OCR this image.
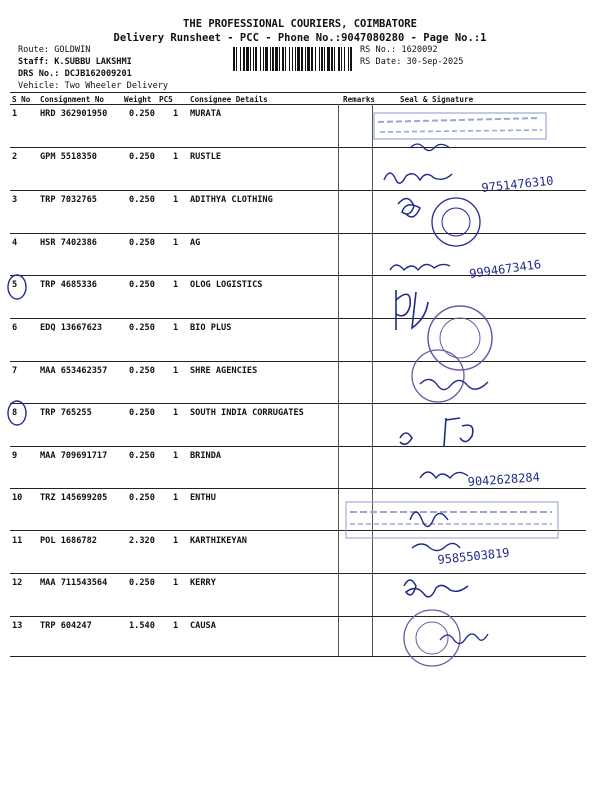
THE PROFESSIONAL COURIERS, COIMBATORE
Delivery Runsheet - PCC - Phone No.:9047080280 - Page No.:1
Route: GOLDWIN
Staff: K.SUBBU LAKSHMI
DRS No.: DCJB162009201
Vehicle: Two Wheeler Delivery
RS No.: 1620092
RS Date: 30-Sep-2025
S No Consignment No	Weight PCS Consignee Details	Remarks	Seal & Signature
1	HRD 362901950	0.250 1 MURATA
2	GPM 5518350	0.250 1 RUSTLE
3	TRP 7032765	0.250 1 ADITHYA CLOTHING
4	HSR 7402386	0.250 1 AG
5	TRP 4685336	0.250 1 OLOG LOGISTICS
6	EDQ 13667623	0.250 1 BIO PLUS
7	MAA 653462357	0.250 1 SHRE AGENCIES
8	TRP 765255	0.250 1 SOUTH INDIA CORRUGATES
9	MAA 709691717	0.250 1 BRINDA
10 TRZ 145699205	0.250 1 ENTHU
11 POL 1686782	2.320 1 KARTHIKEYAN
12 MAA 711543564	0.250 1 KERRY
13 TRP 604247	1.540 1 CAUSA
9751476310
9994673416
9042628284
9585503819
